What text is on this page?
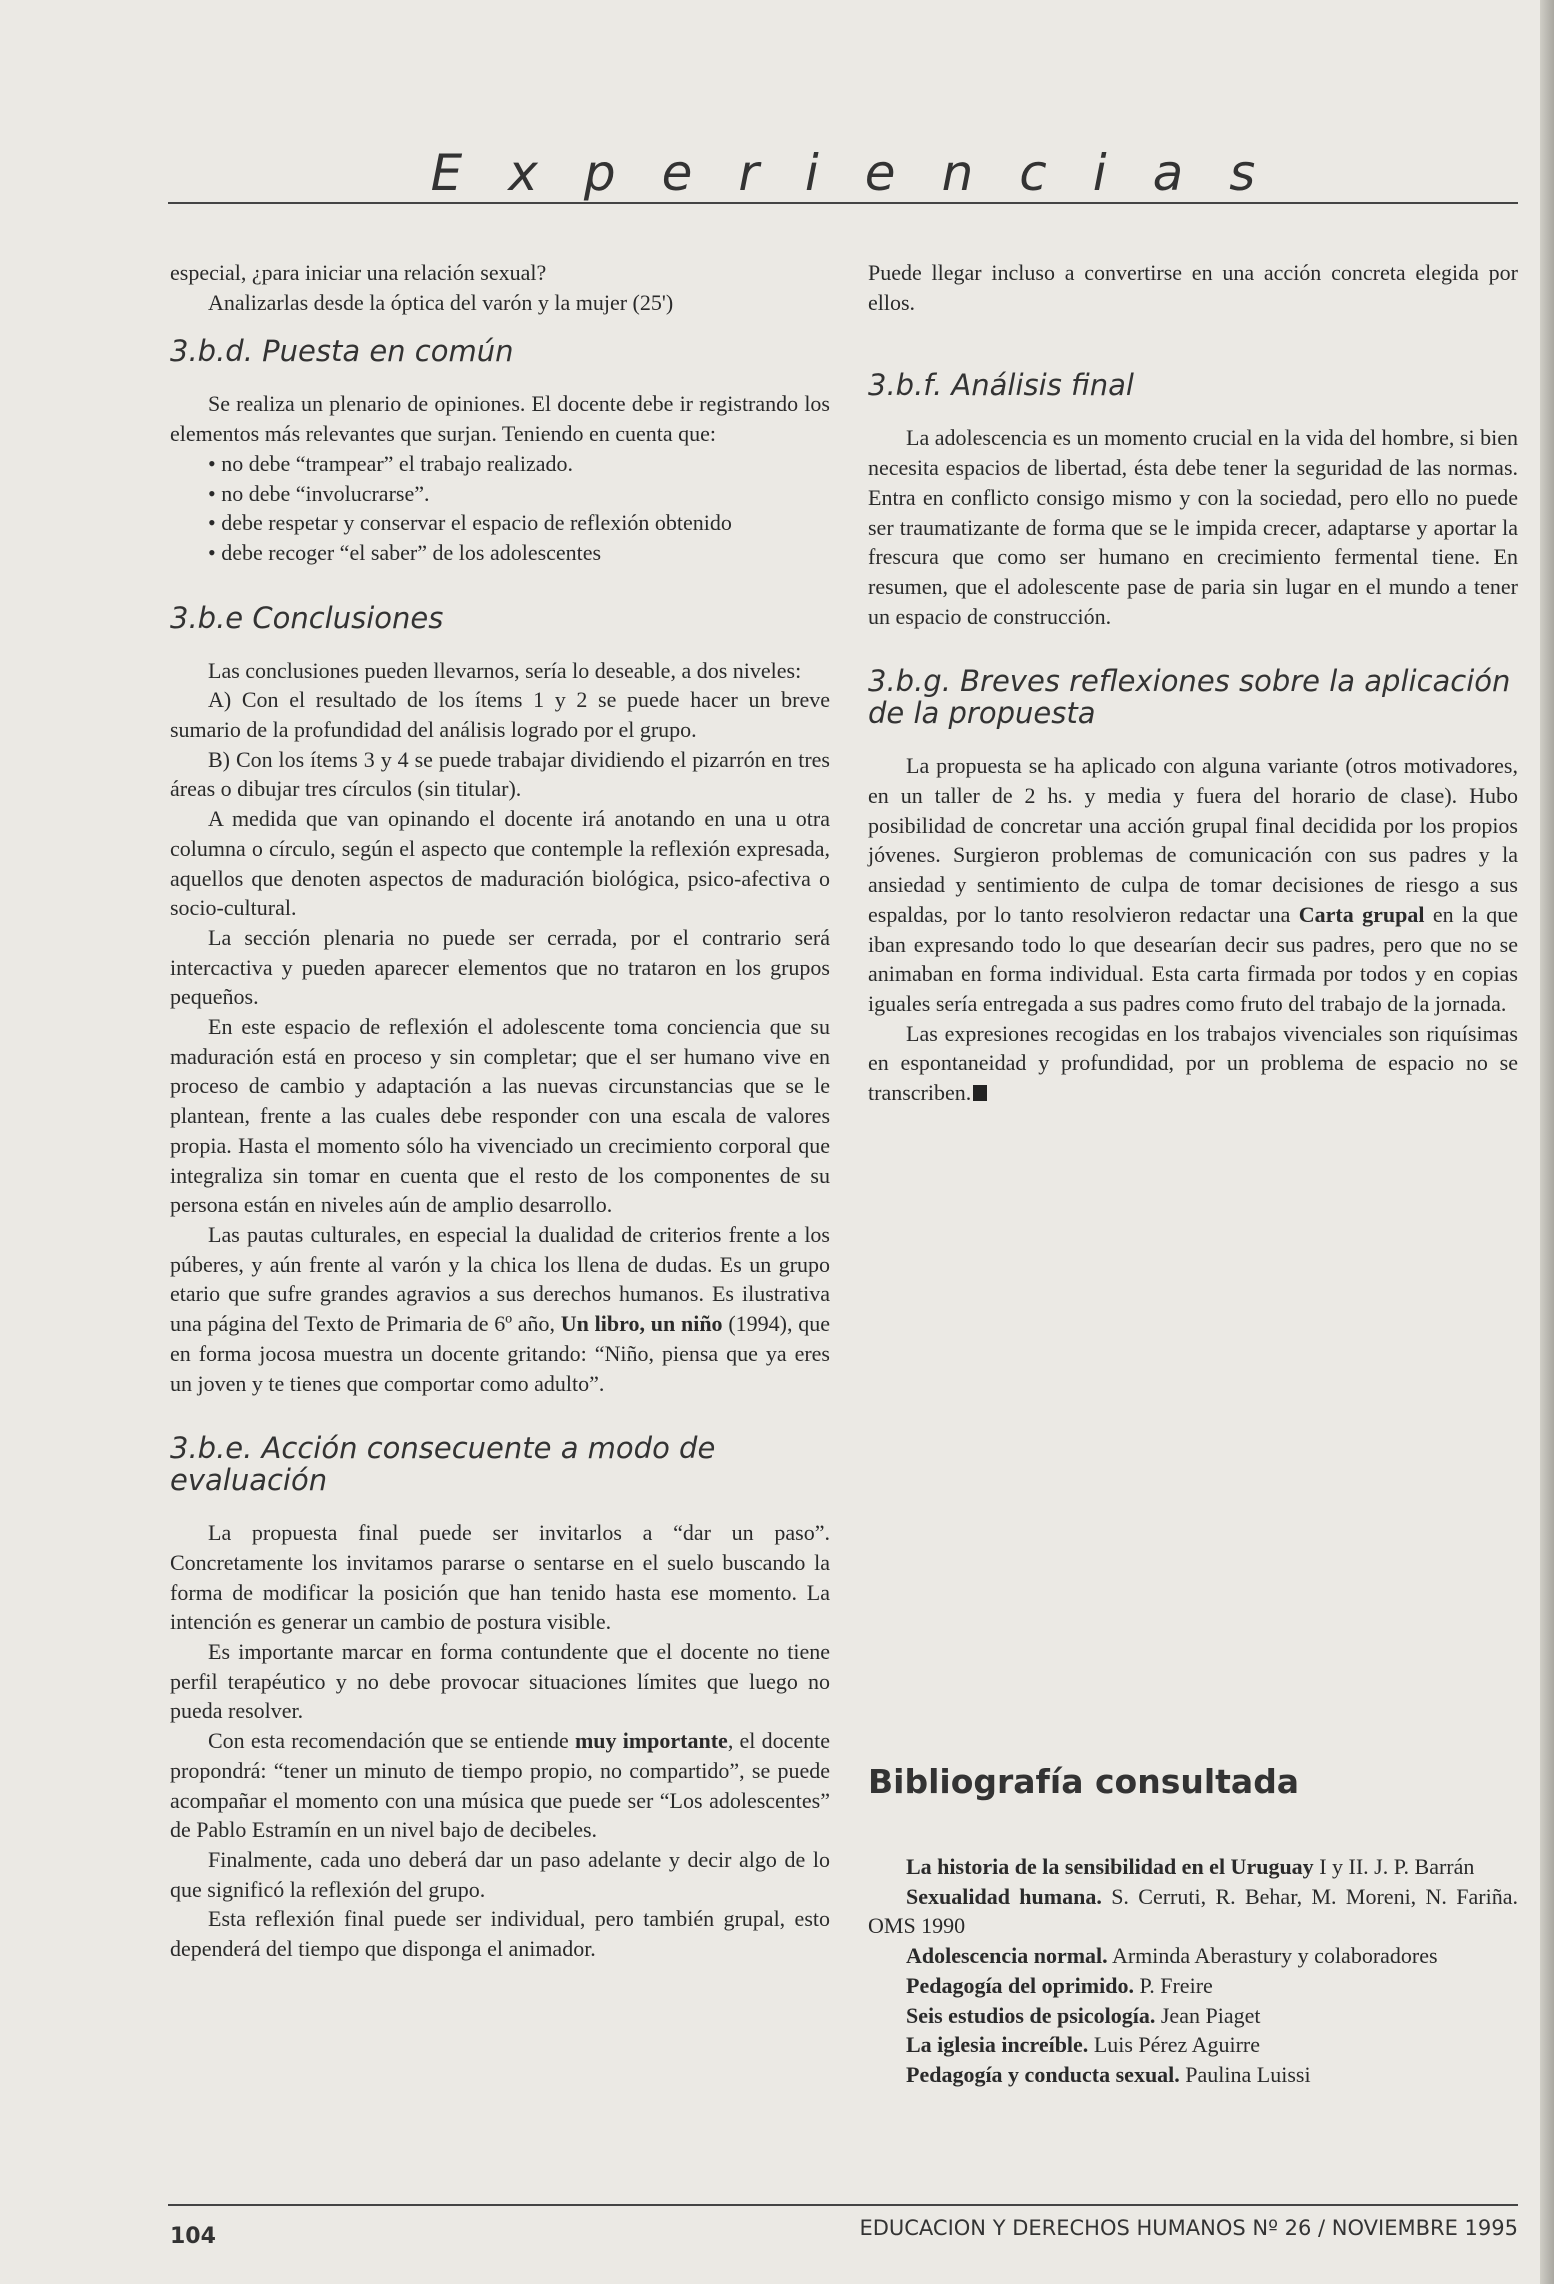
Experiencias

especial, ¿para iniciar una relación sexual?

Analizarlas desde la óptica del varón y la mujer (25')

3.b.d. Puesta en común

Se realiza un plenario de opiniones. El docente debe ir registrando los elementos más relevantes que surjan. Teniendo en cuenta que:

• no debe “trampear” el trabajo realizado.

• no debe “involucrarse”.

• debe respetar y conservar el espacio de reflexión obtenido

• debe recoger “el saber” de los adolescentes

3.b.e Conclusiones

Las conclusiones pueden llevarnos, sería lo deseable, a dos niveles:

A) Con el resultado de los ítems 1 y 2 se puede hacer un breve sumario de la profundidad del análisis logrado por el grupo.

B) Con los ítems 3 y 4 se puede trabajar dividiendo el pizarrón en tres áreas o dibujar tres círculos (sin titular).

A medida que van opinando el docente irá anotando en una u otra columna o círculo, según el aspecto que contemple la reflexión expresada, aquellos que denoten aspectos de maduración biológica, psico-afectiva o socio-cultural.

La sección plenaria no puede ser cerrada, por el contrario será intercactiva y pueden aparecer elementos que no trataron en los grupos pequeños.

En este espacio de reflexión el adolescente toma conciencia que su maduración está en proceso y sin completar; que el ser humano vive en proceso de cambio y adaptación a las nuevas circunstancias que se le plantean, frente a las cuales debe responder con una escala de valores propia. Hasta el momento sólo ha vivenciado un crecimiento corporal que integraliza sin tomar en cuenta que el resto de los componentes de su persona están en niveles aún de amplio desarrollo.

Las pautas culturales, en especial la dualidad de criterios frente a los púberes, y aún frente al varón y la chica los llena de dudas. Es un grupo etario que sufre grandes agravios a sus derechos humanos. Es ilustrativa una página del Texto de Primaria de 6º año, Un libro, un niño (1994), que en forma jocosa muestra un docente gritando: “Niño, piensa que ya eres un joven y te tienes que comportar como adulto”.

3.b.e. Acción consecuente a modo de evaluación

La propuesta final puede ser invitarlos a “dar un paso”. Concretamente los invitamos pararse o sentarse en el suelo buscando la forma de modificar la posición que han tenido hasta ese momento. La intención es generar un cambio de postura visible.

Es importante marcar en forma contundente que el docente no tiene perfil terapéutico y no debe provocar situaciones límites que luego no pueda resolver.

Con esta recomendación que se entiende muy importante, el docente propondrá: “tener un minuto de tiempo propio, no compartido”, se puede acompañar el momento con una música que puede ser “Los adolescentes” de Pablo Estramín en un nivel bajo de decibeles.

Finalmente, cada uno deberá dar un paso adelante y decir algo de lo que significó la reflexión del grupo.

Esta reflexión final puede ser individual, pero también grupal, esto dependerá del tiempo que disponga el animador.

Puede llegar incluso a convertirse en una acción concreta elegida por ellos.

3.b.f. Análisis final

La adolescencia es un momento crucial en la vida del hombre, si bien necesita espacios de libertad, ésta debe tener la seguridad de las normas. Entra en conflicto consigo mismo y con la sociedad, pero ello no puede ser traumatizante de forma que se le impida crecer, adaptarse y aportar la frescura que como ser humano en crecimiento fermental tiene. En resumen, que el adolescente pase de paria sin lugar en el mundo a tener un espacio de construcción.

3.b.g. Breves reflexiones sobre la aplicación de la propuesta

La propuesta se ha aplicado con alguna variante (otros motivadores, en un taller de 2 hs. y media y fuera del horario de clase). Hubo posibilidad de concretar una acción grupal final decidida por los propios jóvenes. Surgieron problemas de comunicación con sus padres y la ansiedad y sentimiento de culpa de tomar decisiones de riesgo a sus espaldas, por lo tanto resolvieron redactar una Carta grupal en la que iban expresando todo lo que desearían decir sus padres, pero que no se animaban en forma individual. Esta carta firmada por todos y en copias iguales sería entregada a sus padres como fruto del trabajo de la jornada.

Las expresiones recogidas en los trabajos vivenciales son riquísimas en espontaneidad y profundidad, por un problema de espacio no se transcriben.

Bibliografía consultada

La historia de la sensibilidad en el Uruguay I y II. J. P. Barrán

Sexualidad humana. S. Cerruti, R. Behar, M. Moreni, N. Fariña. OMS 1990

Adolescencia normal. Arminda Aberastury y colaboradores

Pedagogía del oprimido. P. Freire

Seis estudios de psicología. Jean Piaget

La iglesia increíble. Luis Pérez Aguirre

Pedagogía y conducta sexual. Paulina Luissi

104	EDUCACION Y DERECHOS HUMANOS Nº 26 / NOVIEMBRE 1995
